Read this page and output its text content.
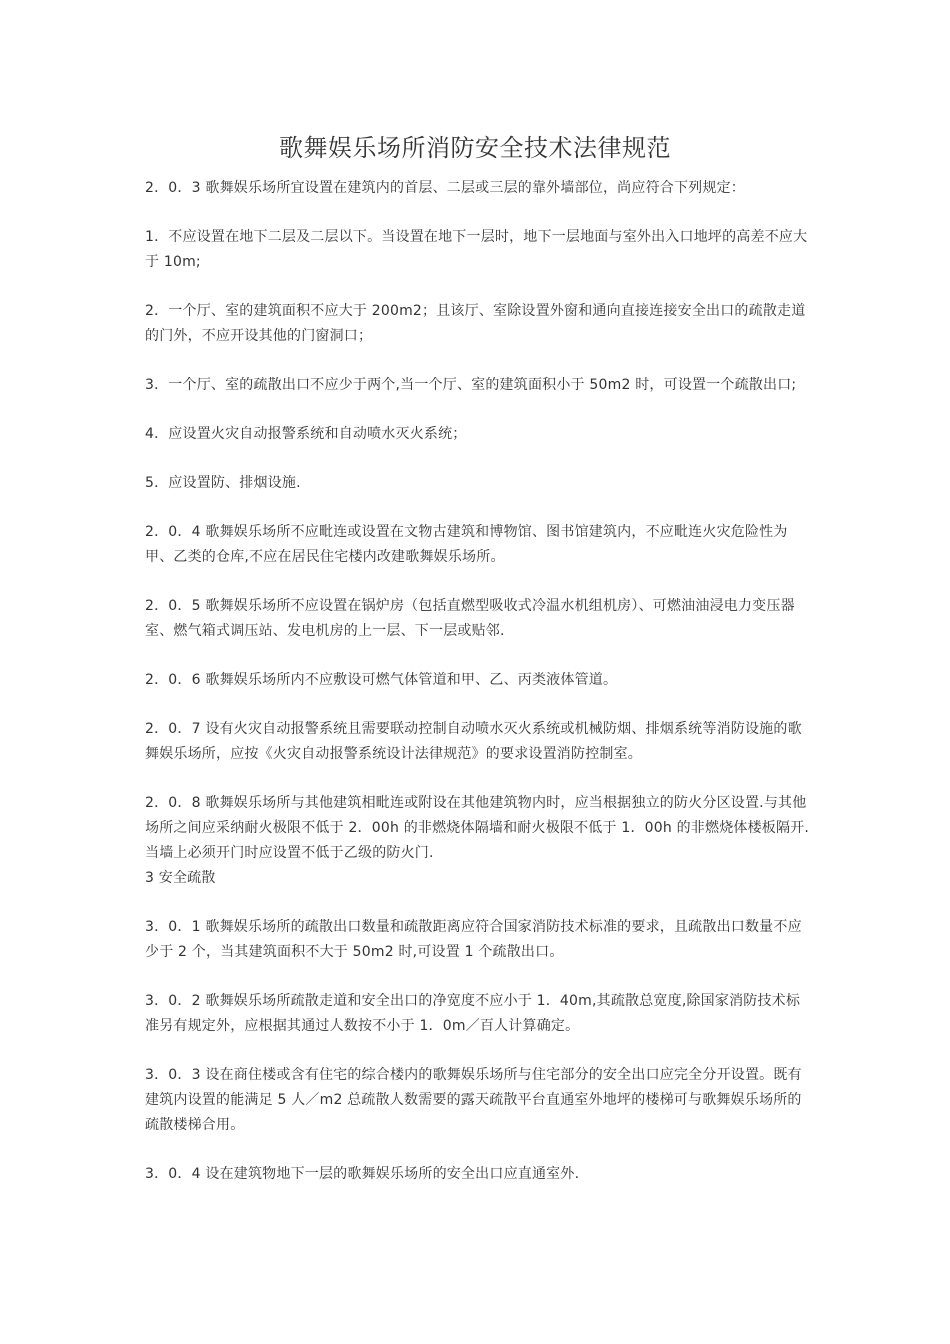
歌舞娱乐场所消防安全技术法律规范

2．0．3 歌舞娱乐场所宜设置在建筑内的首层、二层或三层的靠外墙部位，尚应符合下列规定：

1．不应设置在地下二层及二层以下。当设置在地下一层时，地下一层地面与室外出入口地坪的高差不应大于 10m;

2．一个厅、室的建筑面积不应大于 200m2；且该厅、室除设置外窗和通向直接连接安全出口的疏散走道的门外，不应开设其他的门窗洞口；

3．一个厅、室的疏散出口不应少于两个,当一个厅、室的建筑面积小于 50m2 时，可设置一个疏散出口;

4．应设置火灾自动报警系统和自动喷水灭火系统；

5．应设置防、排烟设施.

2．0．4 歌舞娱乐场所不应毗连或设置在文物古建筑和博物馆、图书馆建筑内，不应毗连火灾危险性为甲、乙类的仓库,不应在居民住宅楼内改建歌舞娱乐场所。

2．0．5 歌舞娱乐场所不应设置在锅炉房（包括直燃型吸收式冷温水机组机房）、可燃油油浸电力变压器室、燃气箱式调压站、发电机房的上一层、下一层或贴邻.

2．0．6 歌舞娱乐场所内不应敷设可燃气体管道和甲、乙、丙类液体管道。

2．0．7 设有火灾自动报警系统且需要联动控制自动喷水灭火系统或机械防烟、排烟系统等消防设施的歌舞娱乐场所，应按《火灾自动报警系统设计法律规范》的要求设置消防控制室。

2．0．8 歌舞娱乐场所与其他建筑相毗连或附设在其他建筑物内时，应当根据独立的防火分区设置.与其他场所之间应采纳耐火极限不低于 2．00h 的非燃烧体隔墙和耐火极限不低于 1．00h 的非燃烧体楼板隔开.当墙上必须开门时应设置不低于乙级的防火门.

3 安全疏散

3．0．1 歌舞娱乐场所的疏散出口数量和疏散距离应符合国家消防技术标准的要求，且疏散出口数量不应少于 2 个，当其建筑面积不大于 50m2 时,可设置 1 个疏散出口。

3．0．2 歌舞娱乐场所疏散走道和安全出口的净宽度不应小于 1．40m,其疏散总宽度,除国家消防技术标准另有规定外，应根据其通过人数按不小于 1．0m／百人计算确定。

3．0．3 设在商住楼或含有住宅的综合楼内的歌舞娱乐场所与住宅部分的安全出口应完全分开设置。既有建筑内设置的能满足 5 人／m2 总疏散人数需要的露天疏散平台直通室外地坪的楼梯可与歌舞娱乐场所的疏散楼梯合用。

3．0．4 设在建筑物地下一层的歌舞娱乐场所的安全出口应直通室外.
